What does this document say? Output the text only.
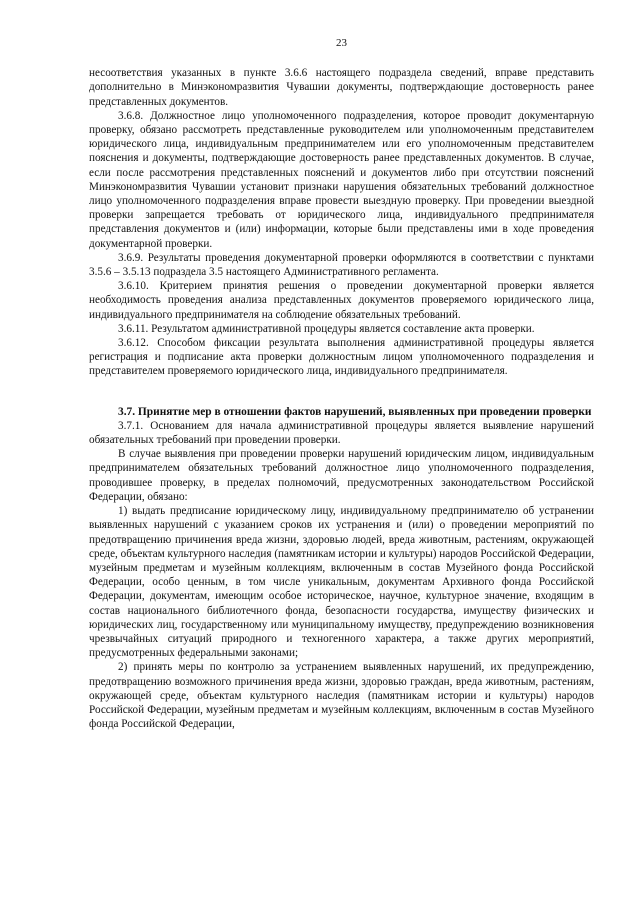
23

несоответствия указанных в пункте 3.6.6 настоящего подраздела сведений, вправе представить дополнительно в Минэкономразвития Чувашии документы, подтверждающие достоверность ранее представленных документов.

3.6.8. Должностное лицо уполномоченного подразделения, которое проводит документарную проверку, обязано рассмотреть представленные руководителем или уполномоченным представителем юридического лица, индивидуальным предпринимателем или его уполномоченным представителем пояснения и документы, подтверждающие достоверность ранее представленных документов. В случае, если после рассмотрения представленных пояснений и документов либо при отсутствии пояснений Минэкономразвития Чувашии установит признаки нарушения обязательных требований должностное лицо уполномоченного подразделения вправе провести выездную проверку. При проведении выездной проверки запрещается требовать от юридического лица, индивидуального предпринимателя представления документов и (или) информации, которые были представлены ими в ходе проведения документарной проверки.

3.6.9. Результаты проведения документарной проверки оформляются в соответствии с пунктами 3.5.6 – 3.5.13 подраздела 3.5 настоящего Административного регламента.

3.6.10. Критерием принятия решения о проведении документарной проверки является необходимость проведения анализа представленных документов проверяемого юридического лица, индивидуального предпринимателя на соблюдение обязательных требований.

3.6.11. Результатом административной процедуры является составление акта проверки.

3.6.12. Способом фиксации результата выполнения административной процедуры является регистрация и подписание акта проверки должностным лицом уполномоченного подразделения и представителем проверяемого юридического лица, индивидуального предпринимателя.

3.7. Принятие мер в отношении фактов нарушений, выявленных при проведении проверки

3.7.1. Основанием для начала административной процедуры является выявление нарушений обязательных требований при проведении проверки.

В случае выявления при проведении проверки нарушений юридическим лицом, индивидуальным предпринимателем обязательных требований должностное лицо уполномоченного подразделения, проводившее проверку, в пределах полномочий, предусмотренных законодательством Российской Федерации, обязано:

1) выдать предписание юридическому лицу, индивидуальному предпринимателю об устранении выявленных нарушений с указанием сроков их устранения и (или) о проведении мероприятий по предотвращению причинения вреда жизни, здоровью людей, вреда животным, растениям, окружающей среде, объектам культурного наследия (памятникам истории и культуры) народов Российской Федерации, музейным предметам и музейным коллекциям, включенным в состав Музейного фонда Российской Федерации, особо ценным, в том числе уникальным, документам Архивного фонда Российской Федерации, документам, имеющим особое историческое, научное, культурное значение, входящим в состав национального библиотечного фонда, безопасности государства, имуществу физических и юридических лиц, государственному или муниципальному имуществу, предупреждению возникновения чрезвычайных ситуаций природного и техногенного характера, а также других мероприятий, предусмотренных федеральными законами;

2) принять меры по контролю за устранением выявленных нарушений, их предупреждению, предотвращению возможного причинения вреда жизни, здоровью граждан, вреда животным, растениям, окружающей среде, объектам культурного наследия (памятникам истории и культуры) народов Российской Федерации, музейным предметам и музейным коллекциям, включенным в состав Музейного фонда Российской Федерации,
